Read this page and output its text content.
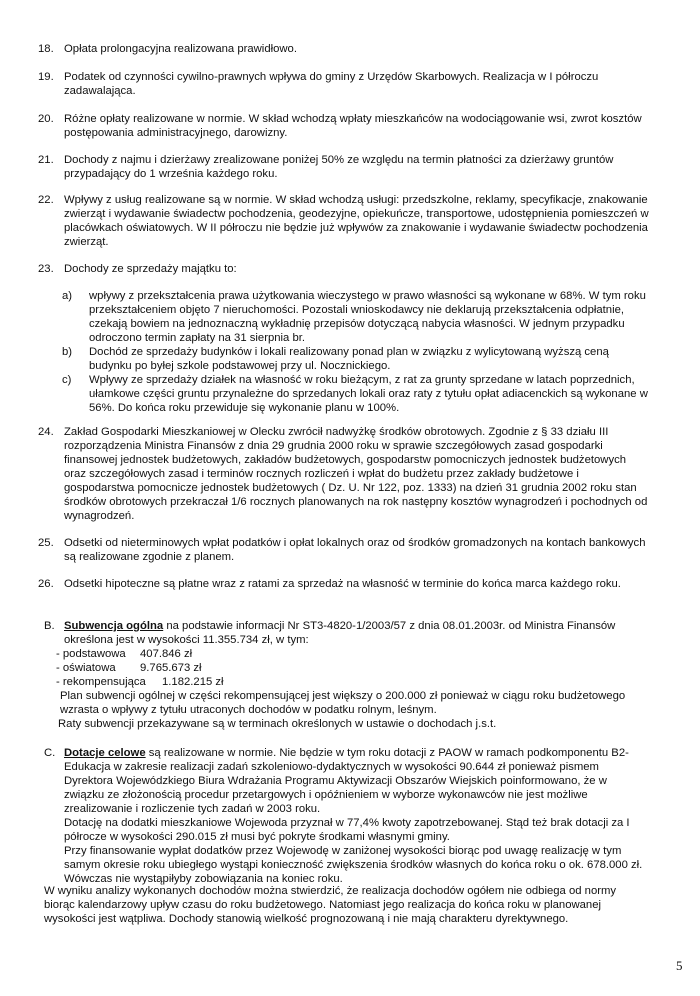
18. Opłata prolongacyjna realizowana prawidłowo.
19. Podatek od czynności cywilno-prawnych wpływa do gminy z Urzędów Skarbowych. Realizacja w I półroczu zadawalająca.
20. Różne opłaty realizowane w normie. W skład wchodzą wpłaty mieszkańców na wodociągowanie wsi, zwrot kosztów postępowania administracyjnego, darowizny.
21. Dochody z najmu i dzierżawy zrealizowane poniżej 50% ze względu na termin płatności za dzierżawy gruntów przypadający do 1 września każdego roku.
22. Wpływy z usług realizowane są w normie. W skład wchodzą usługi: przedszkolne, reklamy, specyfikacje, znakowanie zwierząt i wydawanie świadectw pochodzenia, geodezyjne, opiekuńcze, transportowe, udostępnienia pomieszczeń w placówkach oświatowych. W II półroczu nie będzie już wpływów za znakowanie i wydawanie świadectw pochodzenia zwierząt.
23. Dochody ze sprzedaży majątku to:
a) wpływy z przekształcenia prawa użytkowania wieczystego w prawo własności są wykonane w 68%. W tym roku przekształceniem objęto 7 nieruchomości. Pozostali wnioskodawcy nie deklarują przekształcenia odpłatnie, czekają bowiem na jednoznaczną wykładnię przepisów dotyczącą nabycia własności. W jednym przypadku odroczono termin zapłaty na 31 sierpnia br.
b) Dochód ze sprzedaży budynków i lokali realizowany ponad plan w związku z wylicytowaną wyższą ceną budynku po byłej szkole podstawowej przy ul. Nocznickiego.
c) Wpływy ze sprzedaży działek na własność w roku bieżącym, z rat za grunty sprzedane w latach poprzednich, ułamkowe części gruntu przynależne do sprzedanych lokali oraz raty z tytułu opłat adiacenckich są wykonane w 56%. Do końca roku przewiduje się wykonanie planu w 100%.
24. Zakład Gospodarki Mieszkaniowej w Olecku zwrócił nadwyżkę środków obrotowych. Zgodnie z § 33 działu III rozporządzenia Ministra Finansów z dnia 29 grudnia 2000 roku w sprawie szczegółowych zasad gospodarki finansowej jednostek budżetowych, zakładów budżetowych, gospodarstw pomocniczych jednostek budżetowych oraz szczegółowych zasad i terminów rocznych rozliczeń i wpłat do budżetu przez zakłady budżetowe i gospodarstwa pomocnicze jednostek budżetowych ( Dz. U. Nr 122, poz. 1333) na dzień 31 grudnia 2002 roku stan środków obrotowych przekraczał 1/6 rocznych planowanych na rok następny kosztów wynagrodzeń i pochodnych od wynagrodzeń.
25. Odsetki od nieterminowych wpłat podatków i opłat lokalnych oraz od środków gromadzonych na kontach bankowych są realizowane zgodnie z planem.
26. Odsetki hipoteczne są płatne wraz z ratami za sprzedaż na własność w terminie do końca marca każdego roku.
B. Subwencja ogólna na podstawie informacji Nr ST3-4820-1/2003/57 z dnia 08.01.2003r. od Ministra Finansów określona jest w wysokości 11.355.734 zł, w tym:
- podstawowa 407.846 zł
- oświatowa 9.765.673 zł
- rekompensująca 1.182.215 zł
Plan subwencji ogólnej w części rekompensującej jest większy o 200.000 zł ponieważ w ciągu roku budżetowego wzrasta o wpływy z tytułu utraconych dochodów w podatku rolnym, leśnym.
Raty subwencji przekazywane są w terminach określonych w ustawie o dochodach j.s.t.
C. Dotacje celowe są realizowane w normie. Nie będzie w tym roku dotacji z PAOW w ramach podkomponentu B2-Edukacja w zakresie realizacji zadań szkoleniowo-dydaktycznych w wysokości 90.644 zł ponieważ pismem Dyrektora Wojewódzkiego Biura Wdrażania Programu Aktywizacji Obszarów Wiejskich poinformowano, że w związku ze złożonością procedur przetargowych i opóźnieniem w wyborze wykonawców nie jest możliwe zrealizowanie i rozliczenie tych zadań w 2003 roku.
Dotację na dodatki mieszkaniowe Wojewoda przyznał w 77,4% kwoty zapotrzebowanej. Stąd też brak dotacji za I półrocze w wysokości 290.015 zł musi być pokryte środkami własnymi gminy.
Przy finansowanie wypłat dodatków przez Wojewodę w zaniżonej wysokości biorąc pod uwagę realizację w tym samym okresie roku ubiegłego wystąpi konieczność zwiększenia środków własnych do końca roku o ok. 678.000 zł. Wówczas nie wystąpiłyby zobowiązania na koniec roku.
W wyniku analizy wykonanych dochodów można stwierdzić, że realizacja dochodów ogółem nie odbiega od normy biorąc kalendarzowy upływ czasu do roku budżetowego. Natomiast jego realizacja do końca roku w planowanej wysokości jest wątpliwa. Dochody stanowią wielkość prognozowaną i nie mają charakteru dyrektywnego.
5
